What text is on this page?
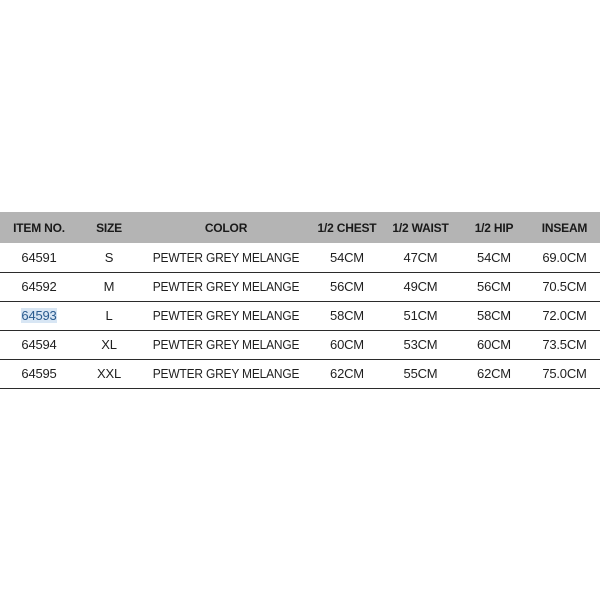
ITEM NO.	SIZE	COLOR	1/2 CHEST	1/2 WAIST	1/2 HIP	INSEAM
64591	S	PEWTER GREY MELANGE	54CM	47CM	54CM	69.0CM
64592	M	PEWTER GREY MELANGE	56CM	49CM	56CM	70.5CM
64593	L	PEWTER GREY MELANGE	58CM	51CM	58CM	72.0CM
64594	XL	PEWTER GREY MELANGE	60CM	53CM	60CM	73.5CM
64595	XXL	PEWTER GREY MELANGE	62CM	55CM	62CM	75.0CM
